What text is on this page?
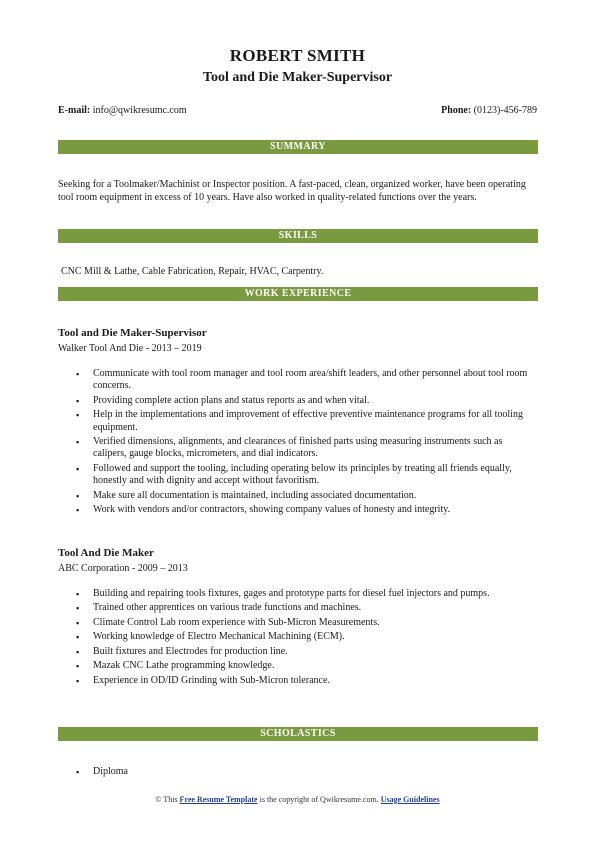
ROBERT SMITH
Tool and Die Maker-Supervisor
E-mail: info@qwikresumc.com	Phone: (0123)-456-789
SUMMARY
Seeking for a Toolmaker/Machinist or Inspector position. A fast-paced, clean, organized worker, have been operating tool room equipment in excess of 10 years. Have also worked in quality-related functions over the years.
SKILLS
CNC Mill & Lathe, Cable Fabrication, Repair, HVAC, Carpentry.
WORK EXPERIENCE
Tool and Die Maker-Supervisor
Walker Tool And Die - 2013 – 2019
▪ Communicate with tool room manager and tool room area/shift leaders, and other personnel about tool room concerns.
▪ Providing complete action plans and status reports as and when vital.
▪ Help in the implementations and improvement of effective preventive maintenance programs for all tooling equipment.
▪ Verified dimensions, alignments, and clearances of finished parts using measuring instruments such as calipers, gauge blocks, micrometers, and dial indicators.
▪ Followed and support the tooling, including operating below its principles by treating all friends equally, honestly and with dignity and accept without favoritism.
▪ Make sure all documentation is maintained, including associated documentation.
▪ Work with vendors and/or contractors, showing company values of honesty and integrity.
Tool And Die Maker
ABC Corporation - 2009 – 2013
▪ Building and repairing tools fixtures, gages and prototype parts for diesel fuel injectors and pumps.
▪ Trained other apprentices on various trade functions and machines.
▪ Climate Control Lab room experience with Sub-Micron Measurements.
▪ Working knowledge of Electro Mechanical Machining (ECM).
▪ Built fixtures and Electrodes for production line.
▪ Mazak CNC Lathe programming knowledge.
▪ Experience in OD/ID Grinding with Sub-Micron tolerance.
SCHOLASTICS
▪ Diploma
© This Free Resume Template is the copyright of Qwikresume.com. Usage Guidelines
